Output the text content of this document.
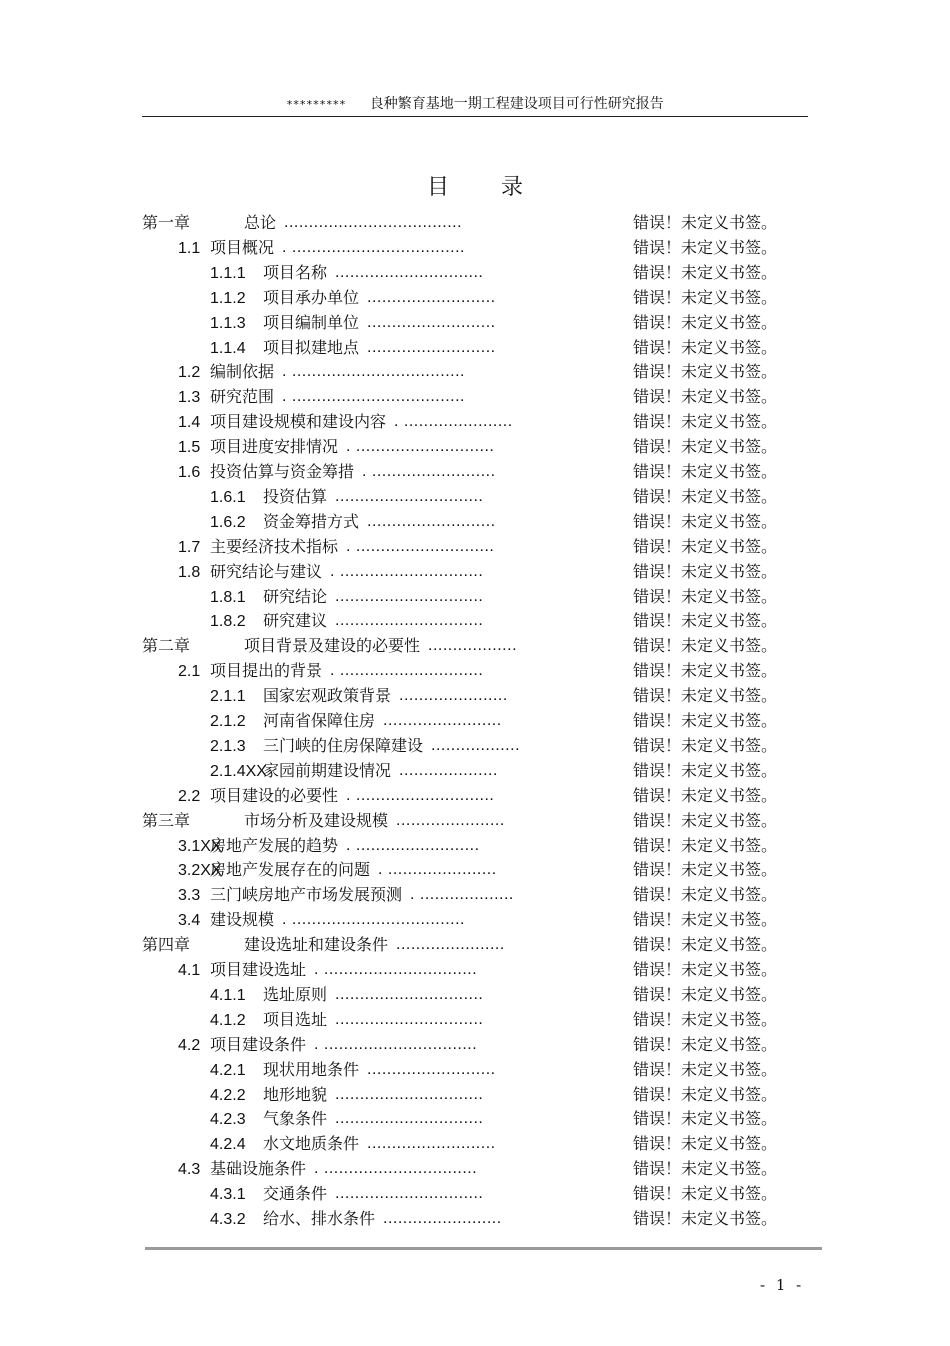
********* 良种繁育基地一期工程建设项目可行性研究报告
目录
第一章	总论 ....................................	错误！未定义书签。
1.1 项目概况 . ...................................	错误！未定义书签。
1.1.1 项目名称 ..............................	错误！未定义书签。
1.1.2 项目承办单位 ..........................	错误！未定义书签。
1.1.3 项目编制单位 ..........................	错误！未定义书签。
1.1.4 项目拟建地点 ..........................	错误！未定义书签。
1.2 编制依据 . ...................................	错误！未定义书签。
1.3 研究范围 . ...................................	错误！未定义书签。
1.4 项目建设规模和建设内容 . ......................	错误！未定义书签。
1.5 项目进度安排情况 . ............................	错误！未定义书签。
1.6 投资估算与资金筹措 . .........................	错误！未定义书签。
1.6.1 投资估算 ..............................	错误！未定义书签。
1.6.2 资金筹措方式 ..........................	错误！未定义书签。
1.7 主要经济技术指标 . ............................	错误！未定义书签。
1.8 研究结论与建议 . .............................	错误！未定义书签。
1.8.1 研究结论 ..............................	错误！未定义书签。
1.8.2 研究建议 ..............................	错误！未定义书签。
第二章	项目背景及建设的必要性 ..................	错误！未定义书签。
2.1 项目提出的背景 . .............................	错误！未定义书签。
2.1.1 国家宏观政策背景 ......................	错误！未定义书签。
2.1.2 河南省保障住房 ........................	错误！未定义书签。
2.1.3 三门峡的住房保障建设 ..................	错误！未定义书签。
2.1.4XX家园前期建设情况 ....................	错误！未定义书签。
2.2 项目建设的必要性 . ............................	错误！未定义书签。
第三章	市场分析及建设规模 ......................	错误！未定义书签。
3.1XX房地产发展的趋势 . .........................	错误！未定义书签。
3.2XX房地产发展存在的问题 . ......................	错误！未定义书签。
3.3 三门峡房地产市场发展预测 . ...................	错误！未定义书签。
3.4 建设规模 . ...................................	错误！未定义书签。
第四章	建设选址和建设条件 ......................	错误！未定义书签。
4.1 项目建设选址 . ...............................	错误！未定义书签。
4.1.1 选址原则 ..............................	错误！未定义书签。
4.1.2 项目选址 ..............................	错误！未定义书签。
4.2 项目建设条件 . ...............................	错误！未定义书签。
4.2.1 现状用地条件 ..........................	错误！未定义书签。
4.2.2 地形地貌 ..............................	错误！未定义书签。
4.2.3 气象条件 ..............................	错误！未定义书签。
4.2.4 水文地质条件 ..........................	错误！未定义书签。
4.3 基础设施条件 . ...............................	错误！未定义书签。
4.3.1 交通条件 ..............................	错误！未定义书签。
4.3.2 给水、排水条件 ........................	错误！未定义书签。
- 1 -
